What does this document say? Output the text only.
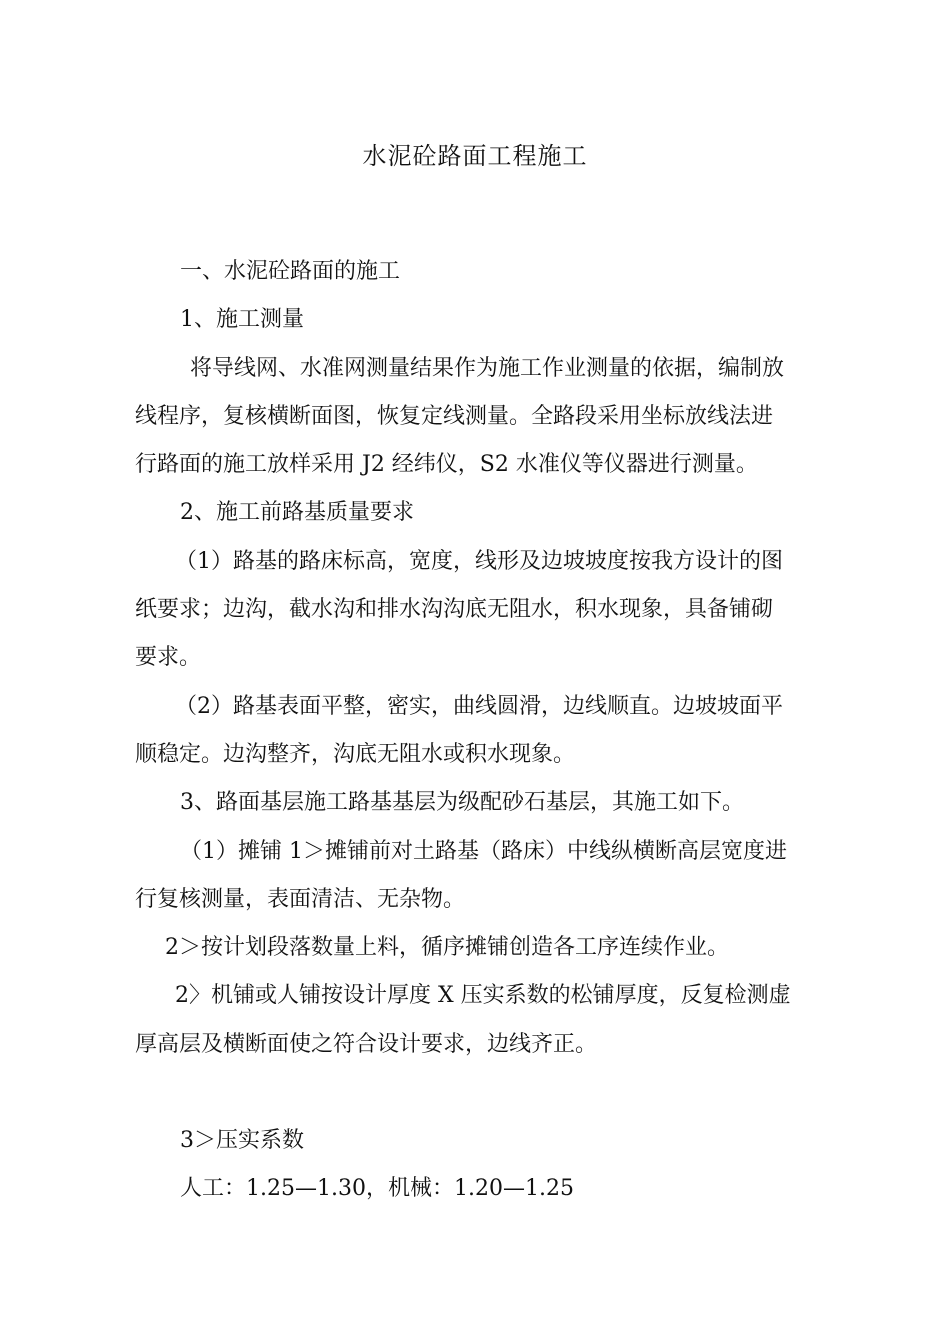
水泥砼路面工程施工
一、水泥砼路面的施工
1、施工测量
将导线网、水准网测量结果作为施工作业测量的依据，编制放
线程序，复核横断面图，恢复定线测量。全路段采用坐标放线法进
行路面的施工放样采用 J2 经纬仪，S2 水准仪等仪器进行测量。
2、施工前路基质量要求
（1）路基的路床标高，宽度，线形及边坡坡度按我方设计的图
纸要求；边沟，截水沟和排水沟沟底无阻水，积水现象，具备铺砌
要求。
（2）路基表面平整，密实，曲线圆滑，边线顺直。边坡坡面平
顺稳定。边沟整齐，沟底无阻水或积水现象。
3、路面基层施工路基基层为级配砂石基层，其施工如下。
（1）摊铺 1＞摊铺前对土路基（路床）中线纵横断高层宽度进
行复核测量，表面清洁、无杂物。
2＞按计划段落数量上料，循序摊铺创造各工序连续作业。
2〉机铺或人铺按设计厚度 X 压实系数的松铺厚度，反复检测虚
厚高层及横断面使之符合设计要求，边线齐正。
3＞压实系数
人工：1.25—1.30，机械：1.20—1.25
